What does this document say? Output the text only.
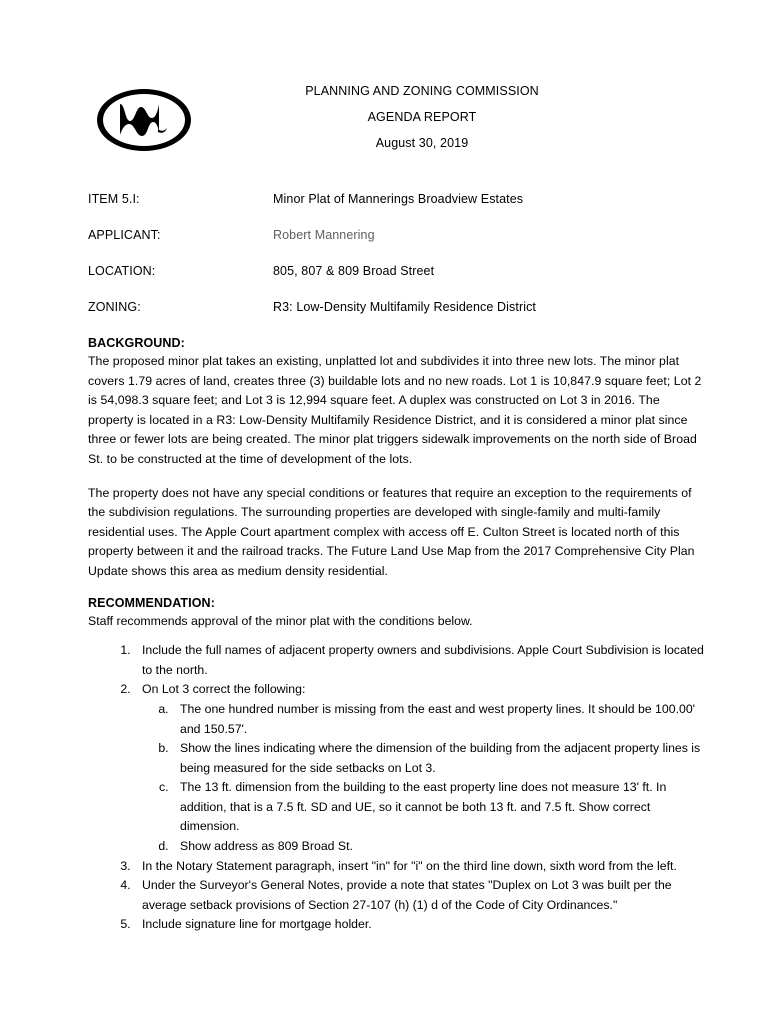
PLANNING AND ZONING COMMISSION
AGENDA REPORT
August 30, 2019
ITEM 5.I:	Minor Plat of Mannerings Broadview Estates
APPLICANT:	Robert Mannering
LOCATION:	805, 807 & 809 Broad Street
ZONING:	R3: Low-Density Multifamily Residence District
BACKGROUND:

The proposed minor plat takes an existing, unplatted lot and subdivides it into three new lots. The minor plat covers 1.79 acres of land, creates three (3) buildable lots and no new roads. Lot 1 is 10,847.9 square feet; Lot 2 is 54,098.3 square feet; and Lot 3 is 12,994 square feet. A duplex was constructed on Lot 3 in 2016. The property is located in a R3: Low-Density Multifamily Residence District, and it is considered a minor plat since three or fewer lots are being created. The minor plat triggers sidewalk improvements on the north side of Broad St. to be constructed at the time of development of the lots.

The property does not have any special conditions or features that require an exception to the requirements of the subdivision regulations. The surrounding properties are developed with single-family and multi-family residential uses. The Apple Court apartment complex with access off E. Culton Street is located north of this property between it and the railroad tracks. The Future Land Use Map from the 2017 Comprehensive City Plan Update shows this area as medium density residential.

RECOMMENDATION:
Staff recommends approval of the minor plat with the conditions below.
1. Include the full names of adjacent property owners and subdivisions. Apple Court Subdivision is located to the north.
2. On Lot 3 correct the following:
a. The one hundred number is missing from the east and west property lines. It should be 100.00' and 150.57'.
b. Show the lines indicating where the dimension of the building from the adjacent property lines is being measured for the side setbacks on Lot 3.
c. The 13 ft. dimension from the building to the east property line does not measure 13' ft. In addition, that is a 7.5 ft. SD and UE, so it cannot be both 13 ft. and 7.5 ft. Show correct dimension.
d. Show address as 809 Broad St.
3. In the Notary Statement paragraph, insert "in" for "i" on the third line down, sixth word from the left.
4. Under the Surveyor's General Notes, provide a note that states "Duplex on Lot 3 was built per the average setback provisions of Section 27-107 (h) (1) d of the Code of City Ordinances."
5. Include signature line for mortgage holder.
